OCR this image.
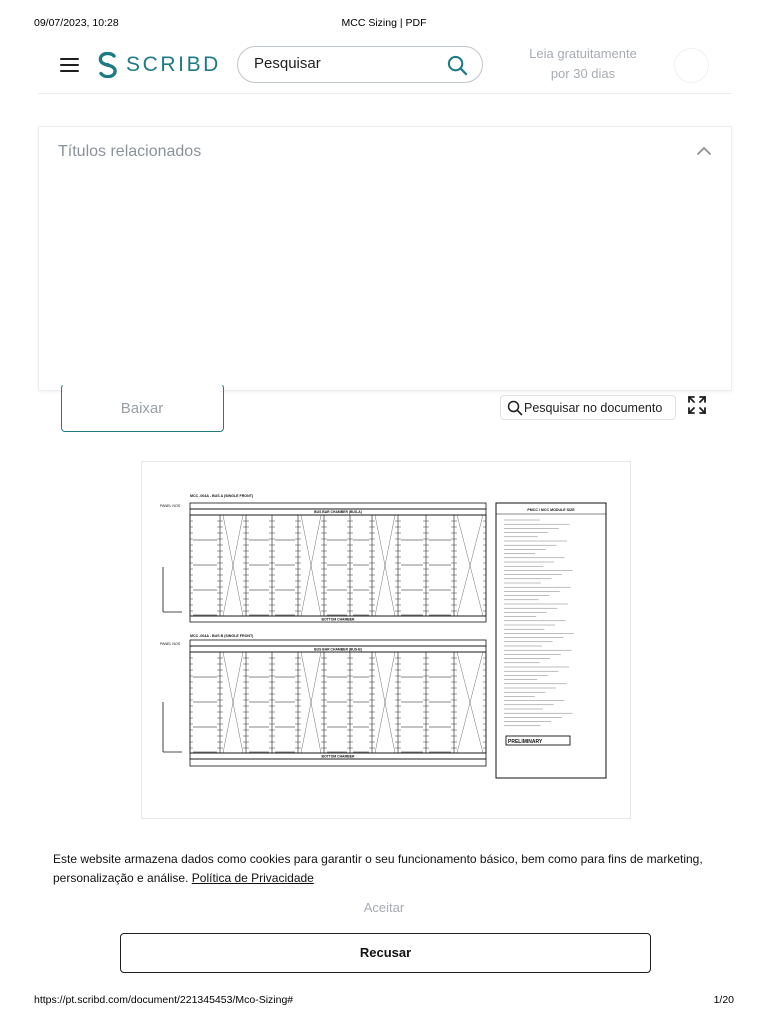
09/07/2023, 10:28	MCC Sizing | PDF
SCRIBD Pesquisar
Leia gratuitamente
por 30 dias
Títulos relacionados
Baixar	Pesquisar no documento
MCC -004A - BUS A (SINGLE FRONT)
PANEL NOS
BUS BAR CHAMBER (BUS-A)
BOTTOM CHAMBER
MCC -004A - BUS B (SINGLE FRONT)
PANEL NOS
BUS BAR CHAMBER (BUS-B)
BOTTOM CHAMBER
PMCC / MCC MODULE SIZE
PRELIMINARY
Este website armazena dados como cookies para garantir o seu funcionamento básico, bem como para fins de marketing, personalização e análise. Política de Privacidade
Aceitar
Recusar
https://pt.scribd.com/document/221345453/Mco-Sizing#	1/20
